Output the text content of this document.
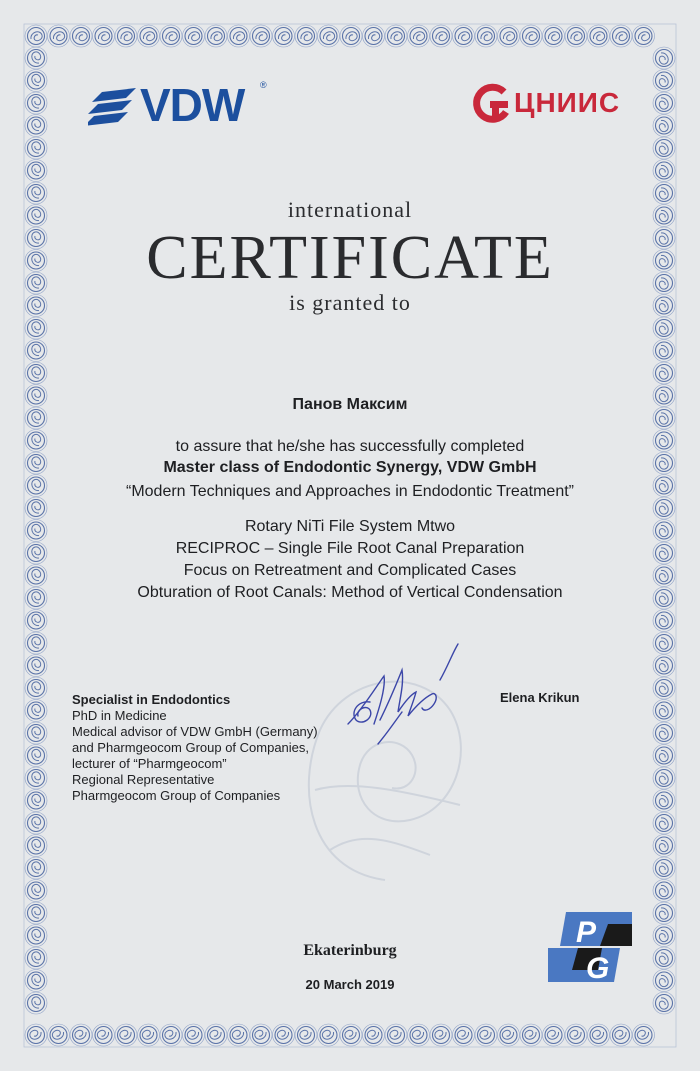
VDW ®
ЦНИИС
international
CERTIFICATE
is granted to
Панов Максим
to assure that he/she has successfully completed
Master class of Endodontic Synergy, VDW GmbH
“Modern Techniques and Approaches in Endodontic Treatment”
Rotary NiTi File System Mtwo
RECIPROC – Single File Root Canal Preparation
Focus on Retreatment and Complicated Cases
Obturation of Root Canals: Method of Vertical Condensation
Specialist in Endodontics
PhD in Medicine
Medical advisor of VDW GmbH (Germany)
and Pharmgeocom Group of Companies,
lecturer of “Pharmgeocom”
Regional Representative
Pharmgeocom Group of Companies
Elena Krikun
P
G
Ekaterinburg
20 March 2019
